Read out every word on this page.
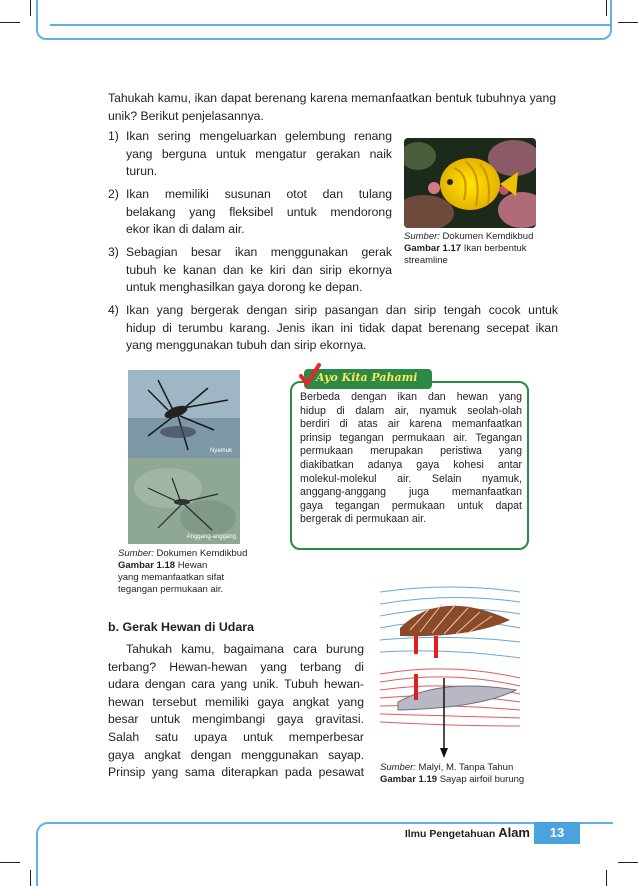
Tahukah kamu, ikan dapat berenang karena memanfaatkan bentuk tubuhnya yang unik? Berikut penjelasannya.
1) Ikan sering mengeluarkan gelembung renang
yang berguna untuk mengatur gerakan naik
turun.
2) Ikan memiliki susunan otot dan tulang
belakang yang fleksibel untuk mendorong
ekor ikan di dalam air.
3) Sebagian besar ikan menggunakan gerak
tubuh ke kanan dan ke kiri dan sirip ekornya
untuk menghasilkan gaya dorong ke depan.
Sumber: Dokumen Kemdikbud
Gambar 1.17 Ikan berbentuk
streamline
4) Ikan yang bergerak dengan sirip pasangan dan sirip tengah cocok untuk
hidup di terumbu karang. Jenis ikan ini tidak dapat berenang secepat ikan
yang menggunakan tubuh dan sirip ekornya.
Nyamuk
Anggang-anggang
Sumber: Dokumen Kemdikbud
Gambar 1.18 Hewan
yang memanfaatkan sifat
tegangan permukaan air.
Ayo Kita Pahami
Berbeda dengan ikan dan hewan yang
hidup di dalam air, nyamuk seolah-olah
berdiri di atas air karena memanfaatkan
prinsip tegangan permukaan air. Tegangan
permukaan merupakan peristiwa yang
diakibatkan adanya gaya kohesi antar
molekul-molekul air. Selain nyamuk,
anggang-anggang juga memanfaatkan
gaya tegangan permukaan untuk dapat
bergerak di permukaan air.
b. Gerak Hewan di Udara
Tahukah kamu, bagaimana cara burung
terbang? Hewan-hewan yang terbang di
udara dengan cara yang unik. Tubuh hewan-
hewan tersebut memiliki gaya angkat yang
besar untuk mengimbangi gaya gravitasi.
Salah satu upaya untuk memperbesar
gaya angkat dengan menggunakan sayap.
Prinsip yang sama diterapkan pada pesawat Sumber: Malyi, M. Tanpa Tahun
Gambar 1.19 Sayap airfoil burung
Ilmu Pengetahuan Alam	13
